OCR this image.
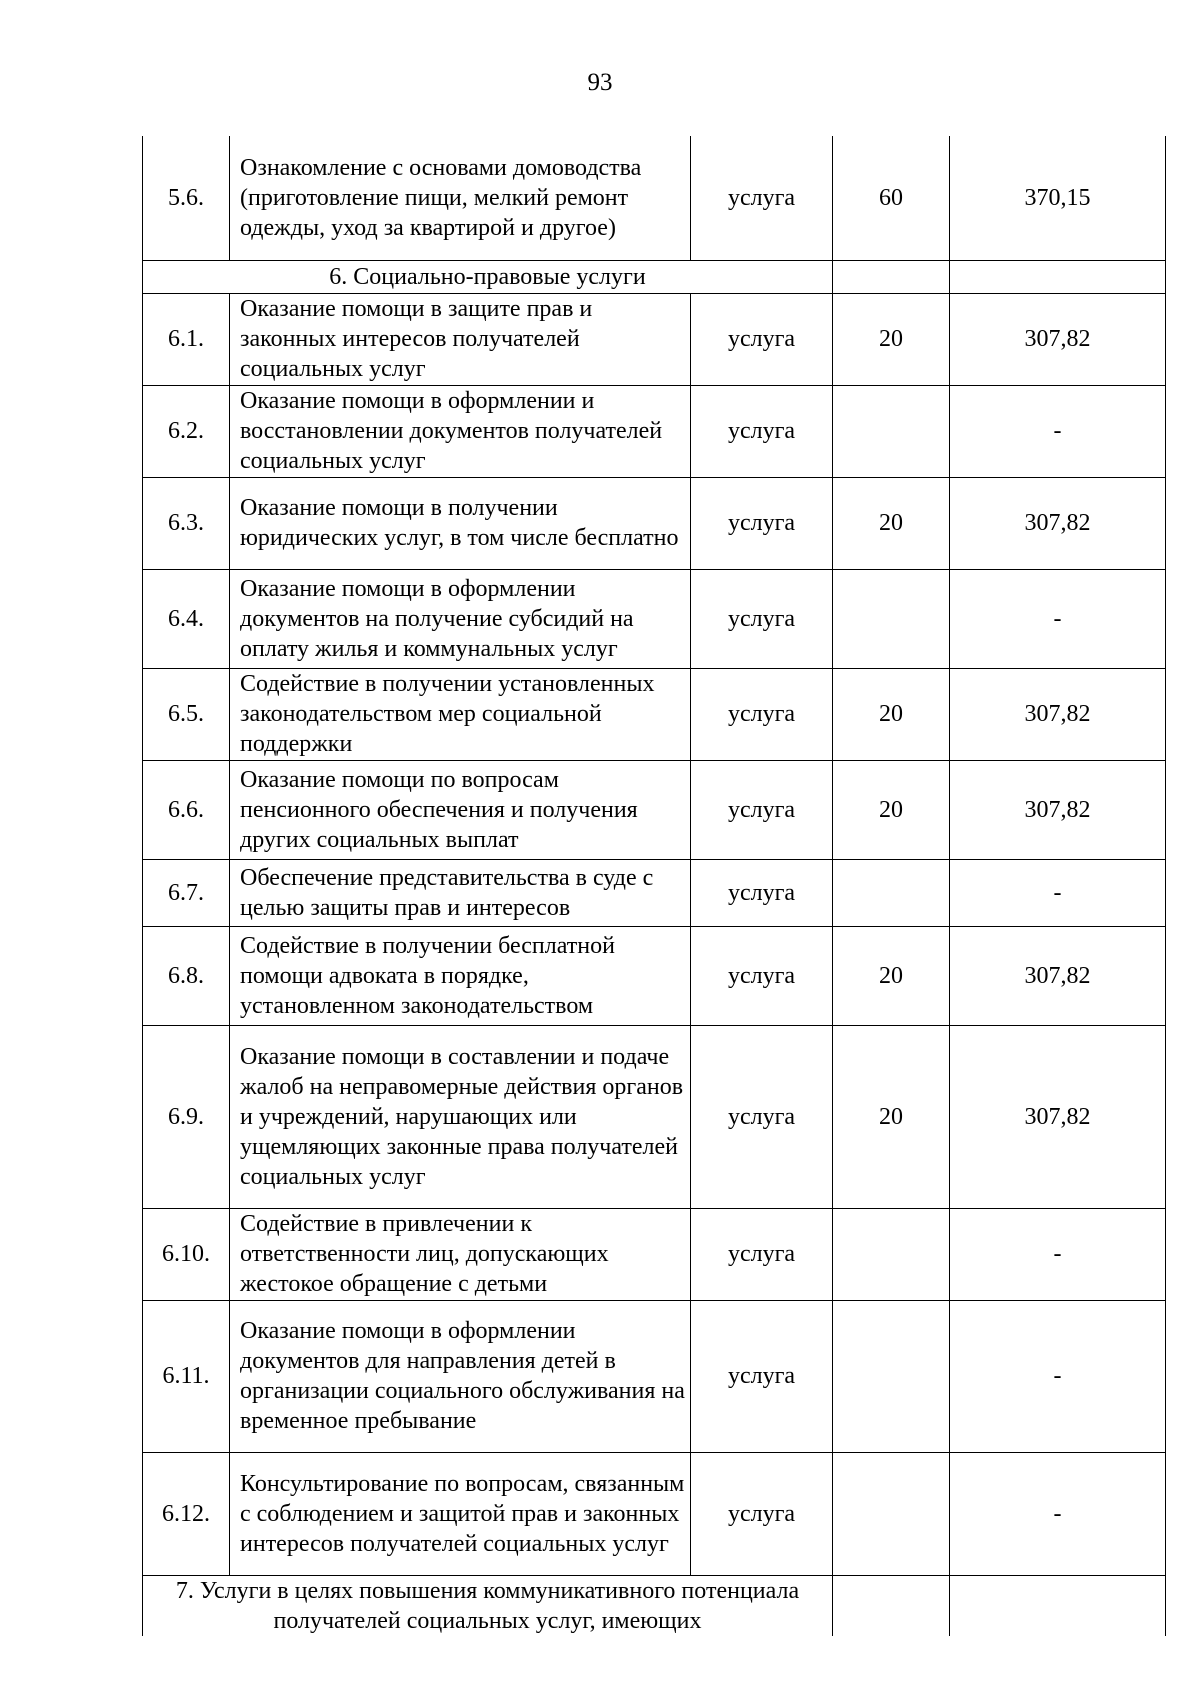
93
5.6.	Ознакомление с основами домоводства (приготовление пищи, мелкий ремонт одежды, уход за квартирой и другое)	услуга	60	370,15
6. Социально-правовые услуги				
6.1.	Оказание помощи в защите прав и законных интересов получателей социальных услуг	услуга	20	307,82
6.2.	Оказание помощи в оформлении и восстановлении документов получателей социальных услуг	услуга		-
6.3.	Оказание помощи в получении юридических услуг, в том числе бесплатно	услуга	20	307,82
6.4.	Оказание помощи в оформлении документов на получение субсидий на оплату жилья и коммунальных услуг	услуга		-
6.5.	Содействие в получении установленных законодательством мер социальной поддержки	услуга	20	307,82
6.6.	Оказание помощи по вопросам пенсионного обеспечения и получения других социальных выплат	услуга	20	307,82
6.7.	Обеспечение представительства в суде с целью защиты прав и интересов	услуга		-
6.8.	Содействие в получении бесплатной помощи адвоката в порядке, установленном законодательством	услуга	20	307,82
6.9.	Оказание помощи в составлении и подаче жалоб на неправомерные действия органов и учреждений, нарушающих или ущемляющих законные права получателей социальных услуг	услуга	20	307,82
6.10.	Содействие в привлечении к ответственности лиц, допускающих жестокое обращение с детьми	услуга		-
6.11.	Оказание помощи в оформлении документов для направления детей в организации социального обслуживания на временное пребывание	услуга		-
6.12.	Консультирование по вопросам, связанным с соблюдением и защитой прав и законных интересов получателей социальных услуг	услуга		-
7. Услуги в целях повышения коммуникативного потенциала получателей социальных услуг, имеющих				
